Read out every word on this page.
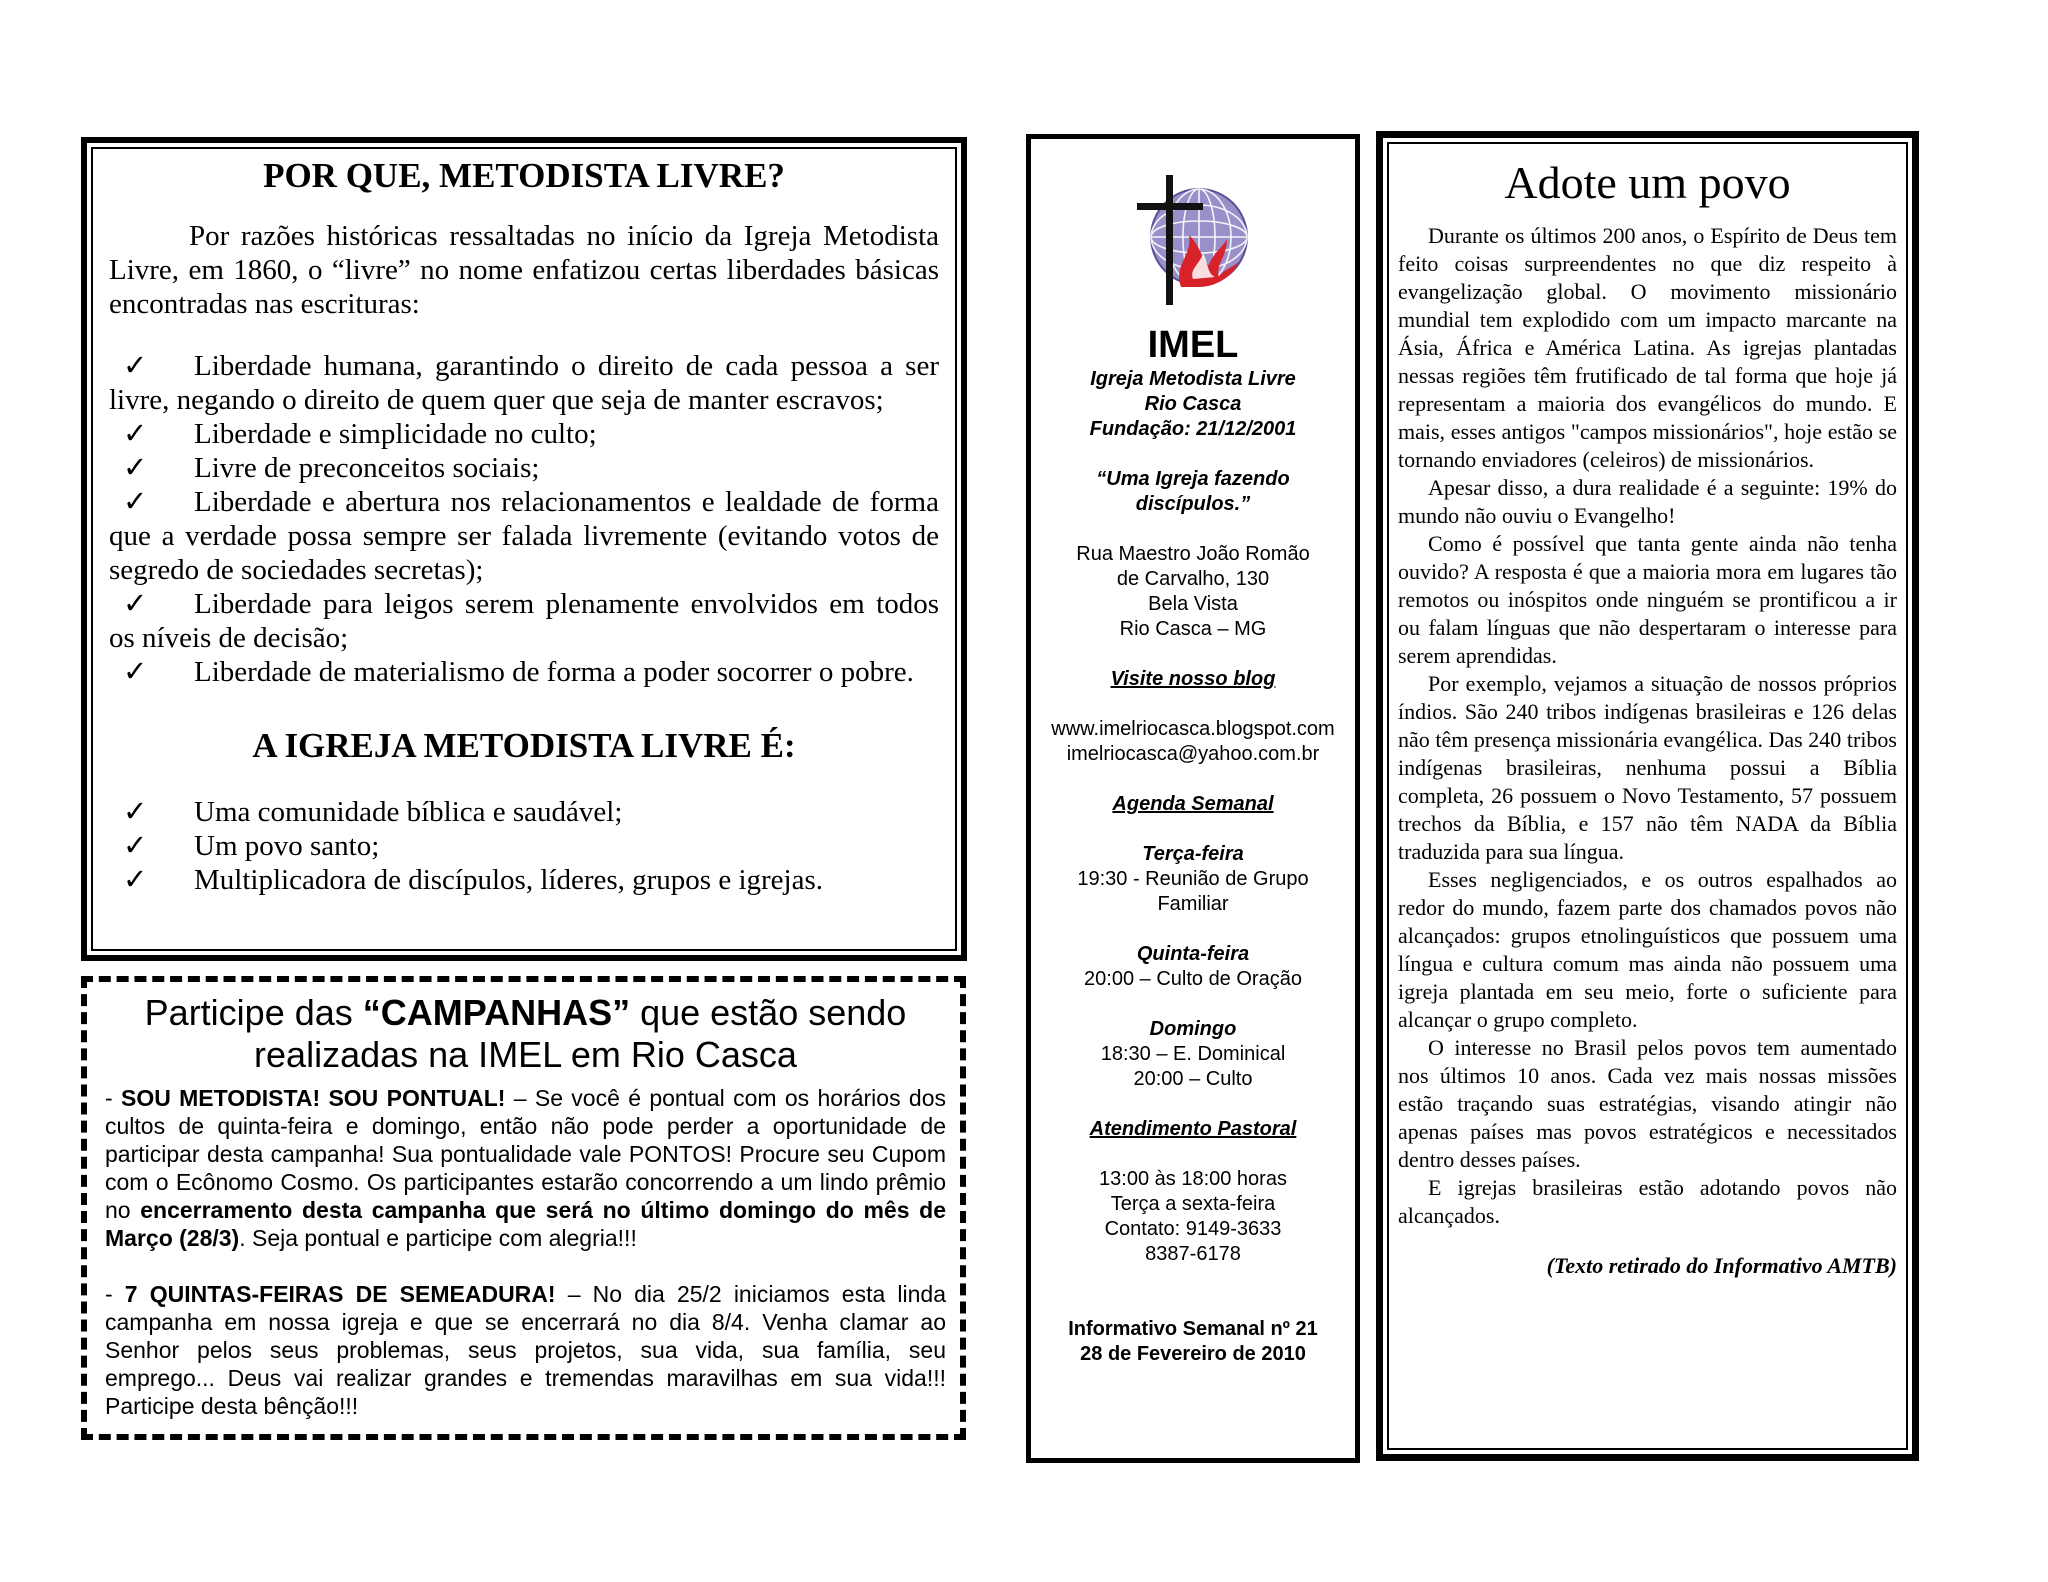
POR QUE, METODISTA LIVRE?

Por razões históricas ressaltadas no início da Igreja Metodista Livre, em 1860, o “livre” no nome enfatizou certas liberdades básicas encontradas nas escrituras:

✓ Liberdade humana, garantindo o direito de cada pessoa a ser livre, negando o direito de quem quer que seja de manter escravos;
✓ Liberdade e simplicidade no culto;
✓ Livre de preconceitos sociais;
✓ Liberdade e abertura nos relacionamentos e lealdade de forma que a verdade possa sempre ser falada livremente (evitando votos de segredo de sociedades secretas);
✓ Liberdade para leigos serem plenamente envolvidos em todos os níveis de decisão;
✓ Liberdade de materialismo de forma a poder socorrer o pobre.
A IGREJA METODISTA LIVRE É:
✓ Uma comunidade bíblica e saudável;
✓ Um povo santo;
✓ Multiplicadora de discípulos, líderes, grupos e igrejas.

Participe das “CAMPANHAS” que estão sendo realizadas na IMEL em Rio Casca

- SOU METODISTA! SOU PONTUAL! – Se você é pontual com os horários dos cultos de quinta-feira e domingo, então não pode perder a oportunidade de participar desta campanha! Sua pontualidade vale PONTOS! Procure seu Cupom com o Ecônomo Cosmo. Os participantes estarão concorrendo a um lindo prêmio no encerramento desta campanha que será no último domingo do mês de Março (28/3). Seja pontual e participe com alegria!!!

- 7 QUINTAS-FEIRAS DE SEMEADURA! – No dia 25/2 iniciamos esta linda campanha em nossa igreja e que se encerrará no dia 8/4. Venha clamar ao Senhor pelos seus problemas, seus projetos, sua vida, sua família, seu emprego... Deus vai realizar grandes e tremendas maravilhas em sua vida!!! Participe desta bênção!!!

IMEL
Igreja Metodista Livre
Rio Casca
Fundação: 21/12/2001
“Uma Igreja fazendo
discípulos.”
Rua Maestro João Romão
de Carvalho, 130
Bela Vista
Rio Casca – MG
Visite nosso blog
www.imelriocasca.blogspot.com
imelriocasca@yahoo.com.br
Agenda Semanal
Terça-feira
19:30 - Reunião de Grupo
Familiar
Quinta-feira
20:00 – Culto de Oração
Domingo
18:30 – E. Dominical
20:00 – Culto
Atendimento Pastoral
13:00 às 18:00 horas
Terça a sexta-feira
Contato: 9149-3633
8387-6178
Informativo Semanal nº 21
28 de Fevereiro de 2010
Adote um povo

Durante os últimos 200 anos, o Espírito de Deus tem feito coisas surpreendentes no que diz respeito à evangelização global. O movimento missionário mundial tem explodido com um impacto marcante na Ásia, África e América Latina. As igrejas plantadas nessas regiões têm frutificado de tal forma que hoje já representam a maioria dos evangélicos do mundo. E mais, esses antigos "campos missionários", hoje estão se tornando enviadores (celeiros) de missionários.

Apesar disso, a dura realidade é a seguinte: 19% do mundo não ouviu o Evangelho!

Como é possível que tanta gente ainda não tenha ouvido? A resposta é que a maioria mora em lugares tão remotos ou inóspitos onde ninguém se prontificou a ir ou falam línguas que não despertaram o interesse para serem aprendidas.

Por exemplo, vejamos a situação de nossos próprios índios. São 240 tribos indígenas brasileiras e 126 delas não têm presença missionária evangélica. Das 240 tribos indígenas brasileiras, nenhuma possui a Bíblia completa, 26 possuem o Novo Testamento, 57 possuem trechos da Bíblia, e 157 não têm NADA da Bíblia traduzida para sua língua.

Esses negligenciados, e os outros espalhados ao redor do mundo, fazem parte dos chamados povos não alcançados: grupos etnolinguísticos que possuem uma língua e cultura comum mas ainda não possuem uma igreja plantada em seu meio, forte o suficiente para alcançar o grupo completo.

O interesse no Brasil pelos povos tem aumentado nos últimos 10 anos. Cada vez mais nossas missões estão traçando suas estratégias, visando atingir não apenas países mas povos estratégicos e necessitados dentro desses países.

E igrejas brasileiras estão adotando povos não alcançados.

(Texto retirado do Informativo AMTB)
